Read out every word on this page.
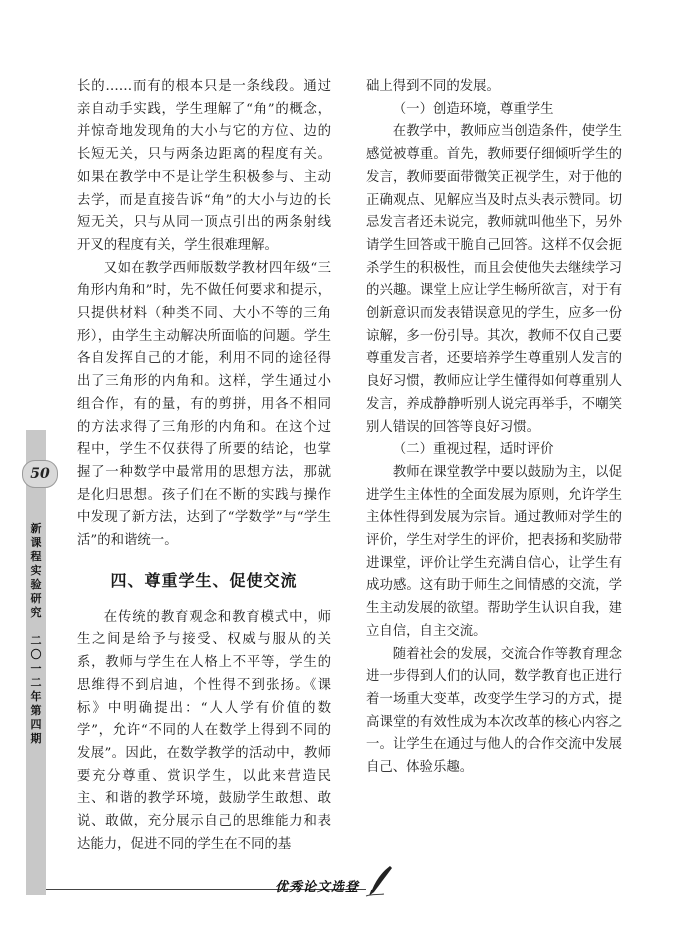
50
新
课
程
实
验
研
究
二
〇
一
二
年
第
四
期

长的……而有的根本只是一条线段。通过亲自动手实践，学生理解了“角”的概念，并惊奇地发现角的大小与它的方位、边的长短无关，只与两条边距离的程度有关。如果在教学中不是让学生积极参与、主动去学，而是直接告诉“角”的大小与边的长短无关，只与从同一顶点引出的两条射线开叉的程度有关，学生很难理解。

又如在教学西师版数学教材四年级“三角形内角和”时，先不做任何要求和提示，只提供材料（种类不同、大小不等的三角形），由学生主动解决所面临的问题。学生各自发挥自己的才能，利用不同的途径得出了三角形的内角和。这样，学生通过小组合作，有的量，有的剪拼，用各不相同的方法求得了三角形的内角和。在这个过程中，学生不仅获得了所要的结论，也掌握了一种数学中最常用的思想方法，那就是化归思想。孩子们在不断的实践与操作中发现了新方法，达到了“学数学”与“学生活”的和谐统一。

四、尊重学生、促使交流

在传统的教育观念和教育模式中，师生之间是给予与接受、权威与服从的关系，教师与学生在人格上不平等，学生的思维得不到启迪，个性得不到张扬。《课标》中明确提出：“人人学有价值的数学”，允许“不同的人在数学上得到不同的发展”。因此，在数学教学的活动中，教师要充分尊重、赏识学生，以此来营造民主、和谐的教学环境，鼓励学生敢想、敢说、敢做，充分展示自己的思维能力和表达能力，促进不同的学生在不同的基

础上得到不同的发展。

（一）创造环境，尊重学生

在教学中，教师应当创造条件，使学生感觉被尊重。首先，教师要仔细倾听学生的发言，教师要面带微笑正视学生，对于他的正确观点、见解应当及时点头表示赞同。切忌发言者还未说完，教师就叫他坐下，另外请学生回答或干脆自己回答。这样不仅会扼杀学生的积极性，而且会使他失去继续学习的兴趣。课堂上应让学生畅所欲言，对于有创新意识而发表错误意见的学生，应多一份谅解，多一份引导。其次，教师不仅自己要尊重发言者，还要培养学生尊重别人发言的良好习惯，教师应让学生懂得如何尊重别人发言，养成静静听别人说完再举手，不嘲笑别人错误的回答等良好习惯。

（二）重视过程，适时评价

教师在课堂教学中要以鼓励为主，以促进学生主体性的全面发展为原则，允许学生主体性得到发展为宗旨。通过教师对学生的评价，学生对学生的评价，把表扬和奖励带进课堂，评价让学生充满自信心，让学生有成功感。这有助于师生之间情感的交流，学生主动发展的欲望。帮助学生认识自我，建立自信，自主交流。

随着社会的发展，交流合作等教育理念进一步得到人们的认同，数学教育也正进行着一场重大变革，改变学生学习的方式，提高课堂的有效性成为本次改革的核心内容之一。让学生在通过与他人的合作交流中发展自己、体验乐趣。

优秀论文选登
